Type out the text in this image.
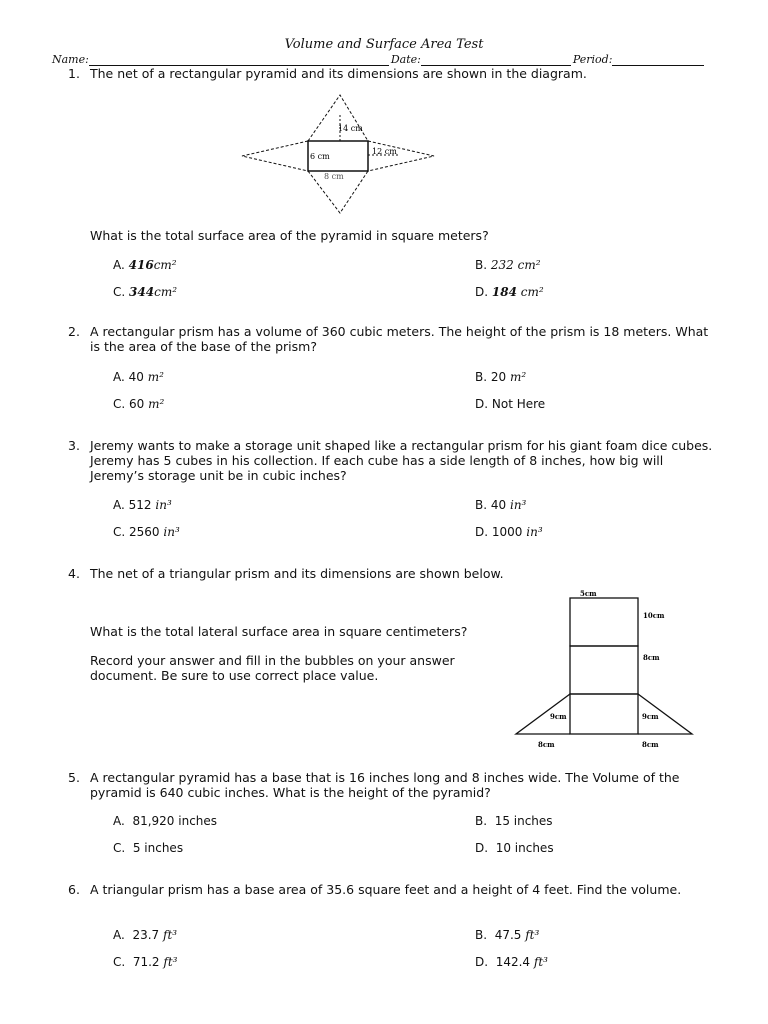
Volume and Surface Area Test
Name:	Date:	Period:
1. The net of a rectangular pyramid and its dimensions are shown in the diagram.
14 cm
12 cm
6 cm
8 cm
What is the total surface area of the pyramid in square meters?
A. 416cm²	B. 232 cm²
C. 344cm²	D. 184 cm²
2. A rectangular prism has a volume of 360 cubic meters. The height of the prism is 18 meters. What is the area of the base of the prism?
A. 40 m²	B. 20 m²
C. 60 m²	D. Not Here
3. Jeremy wants to make a storage unit shaped like a rectangular prism for his giant foam dice cubes. Jeremy has 5 cubes in his collection. If each cube has a side length of 8 inches, how big will Jeremy’s storage unit be in cubic inches?
A. 512 in³	B. 40 in³
C. 2560 in³	D. 1000 in³
4. The net of a triangular prism and its dimensions are shown below.
What is the total lateral surface area in square centimeters?
Record your answer and fill in the bubbles on your answer document. Be sure to use correct place value.
5cm
10cm
8cm
9cm	9cm
8cm	8cm
5. A rectangular pyramid has a base that is 16 inches long and 8 inches wide. The Volume of the pyramid is 640 cubic inches. What is the height of the pyramid?
A. 81,920 inches	B. 15 inches
C. 5 inches	D. 10 inches
6. A triangular prism has a base area of 35.6 square feet and a height of 4 feet. Find the volume.
A. 23.7 ft³	B. 47.5 ft³
C. 71.2 ft³	D. 142.4 ft³
